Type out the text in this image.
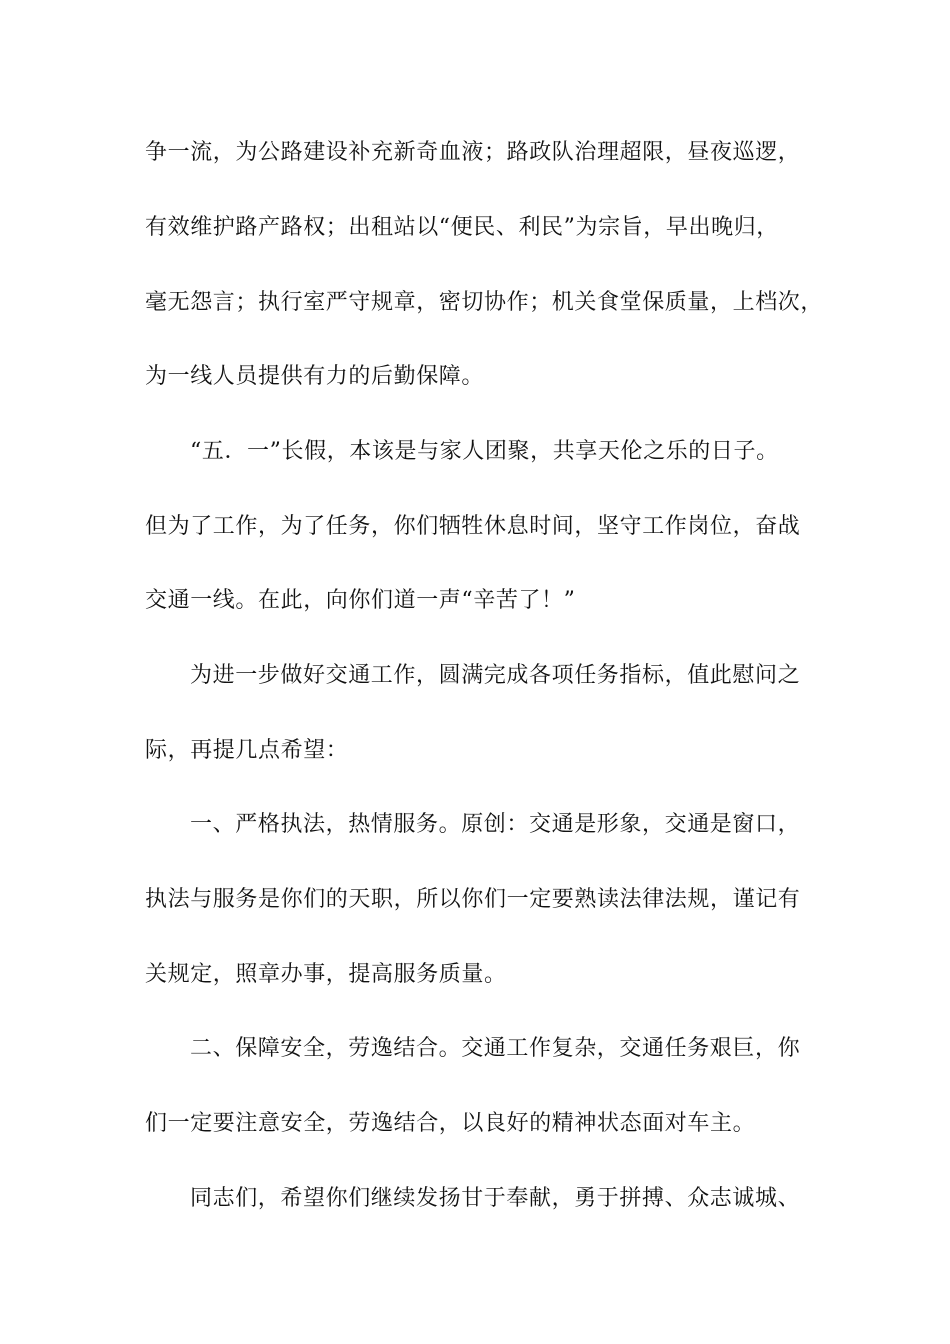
争一流，为公路建设补充新奇血液；路政队治理超限，昼夜巡逻，
有效维护路产路权；出租站以“便民、利民”为宗旨，早出晚归，
毫无怨言；执行室严守规章，密切协作；机关食堂保质量，上档次，
为一线人员提供有力的后勤保障。
“五．一”长假，本该是与家人团聚，共享天伦之乐的日子。
但为了工作，为了任务，你们牺牲休息时间，坚守工作岗位，奋战
交通一线。在此，向你们道一声“辛苦了！”
为进一步做好交通工作，圆满完成各项任务指标，值此慰问之
际，再提几点希望：
一、严格执法，热情服务。原创：交通是形象，交通是窗口，
执法与服务是你们的天职，所以你们一定要熟读法律法规，谨记有
关规定，照章办事，提高服务质量。
二、保障安全，劳逸结合。交通工作复杂，交通任务艰巨，你
们一定要注意安全，劳逸结合，以良好的精神状态面对车主。
同志们，希望你们继续发扬甘于奉献，勇于拼搏、众志诚城、
